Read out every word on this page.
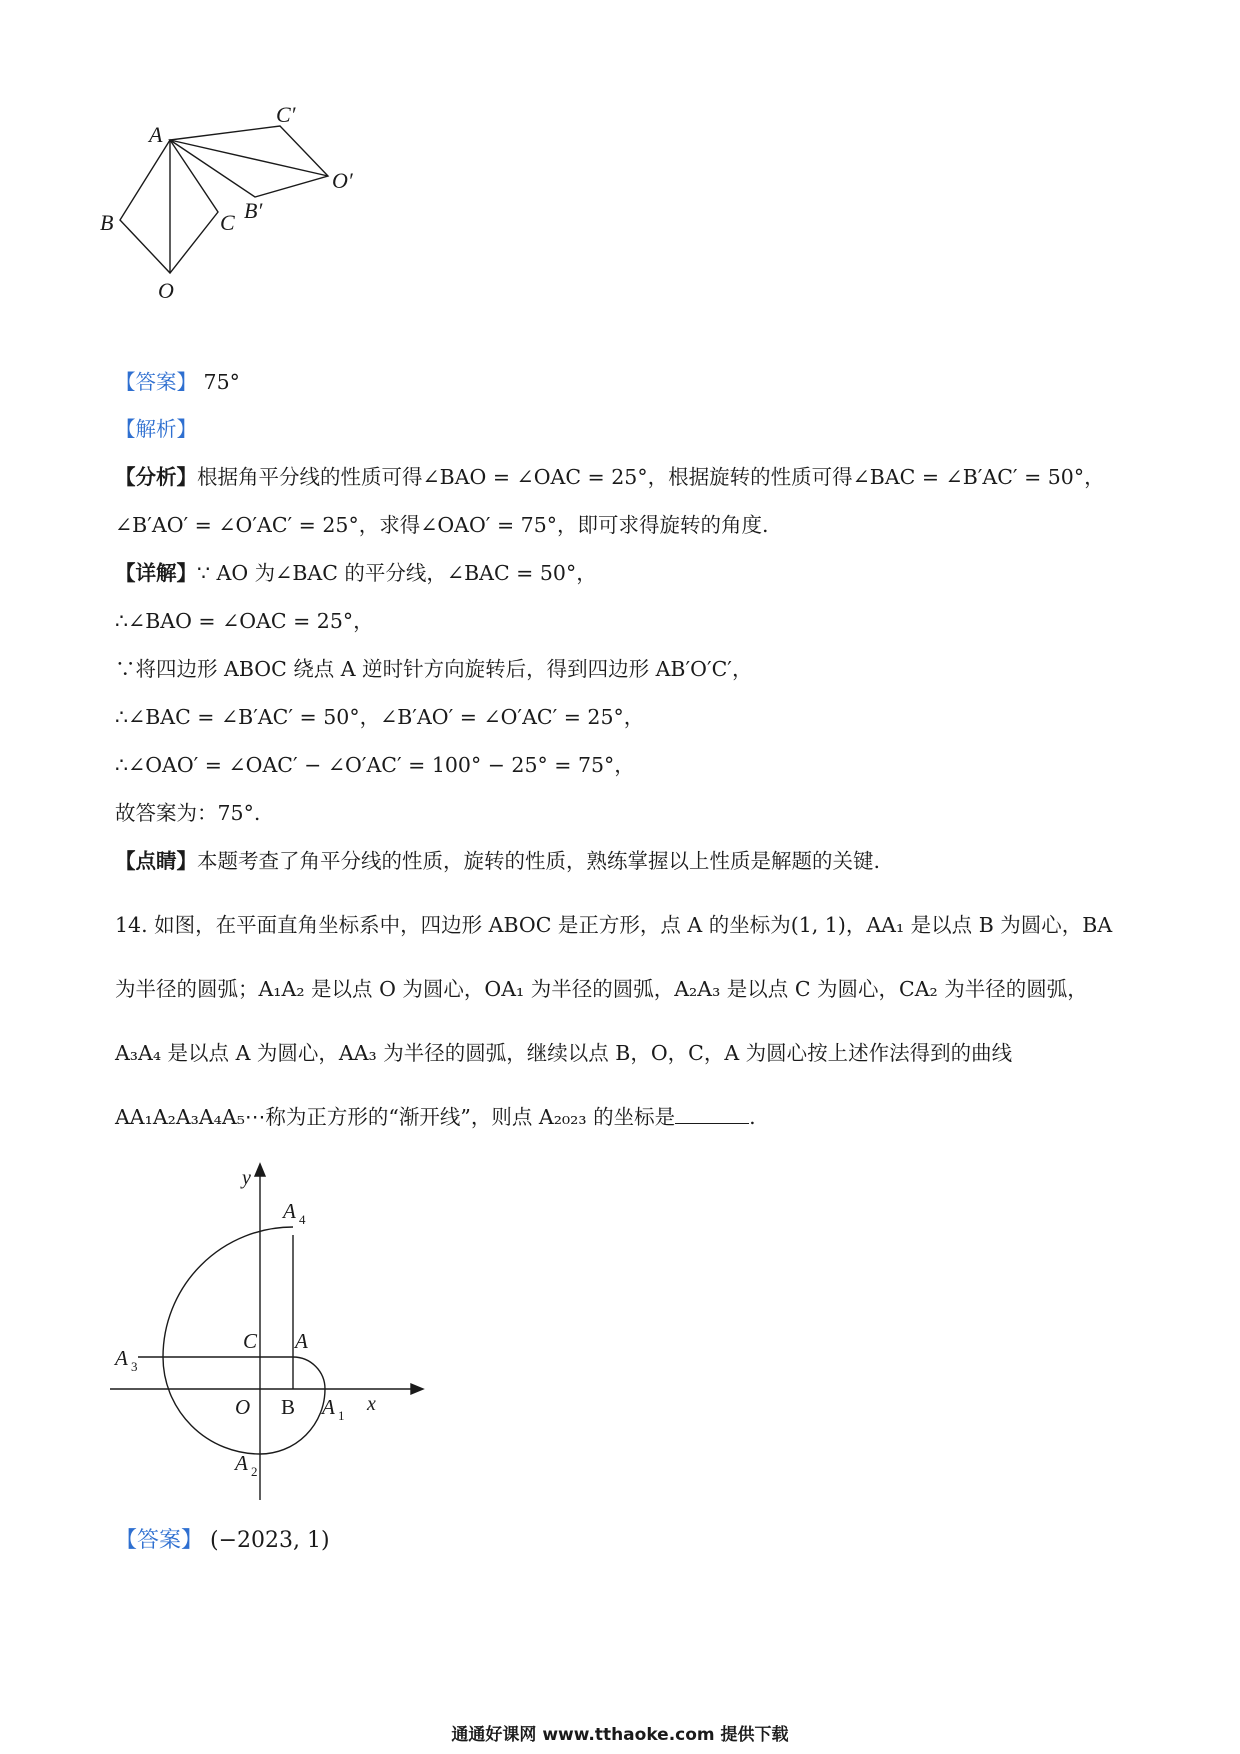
A
B	C
O
C′
O′
B′
【答案】 75°
【解析】
【分析】根据角平分线的性质可得∠BAO = ∠OAC = 25°，根据旋转的性质可得∠BAC = ∠B′AC′ = 50°，
∠B′AO′ = ∠O′AC′ = 25°，求得∠OAO′ = 75°，即可求得旋转的角度.
【详解】∵ AO 为∠BAC 的平分线，∠BAC = 50°，
∴∠BAO = ∠OAC = 25°，
∵将四边形 ABOC 绕点 A 逆时针方向旋转后，得到四边形 AB′O′C′，
∴∠BAC = ∠B′AC′ = 50°，∠B′AO′ = ∠O′AC′ = 25°，
∴∠OAO′ = ∠OAC′ − ∠O′AC′ = 100° − 25° = 75°，
故答案为：75°.
【点睛】本题考查了角平分线的性质，旋转的性质，熟练掌握以上性质是解题的关键.
14. 如图，在平面直角坐标系中，四边形 ABOC 是正方形，点 A 的坐标为(1, 1)，AA₁ 是以点 B 为圆心，BA
为半径的圆弧；A₁A₂ 是以点 O 为圆心，OA₁ 为半径的圆弧，A₂A₃ 是以点 C 为圆心，CA₂ 为半径的圆弧，
A₃A₄ 是以点 A 为圆心，AA₃ 为半径的圆弧，继续以点 B，O，C，A 为圆心按上述作法得到的曲线
AA₁A₂A₃A₄A₅⋯称为正方形的“渐开线”，则点 A₂₀₂₃ 的坐标是	.
y
x
A 4
C A
A 3
O B A 1
A 2
【答案】 (−2023, 1)
通通好课网 www.tthaoke.com 提供下载
